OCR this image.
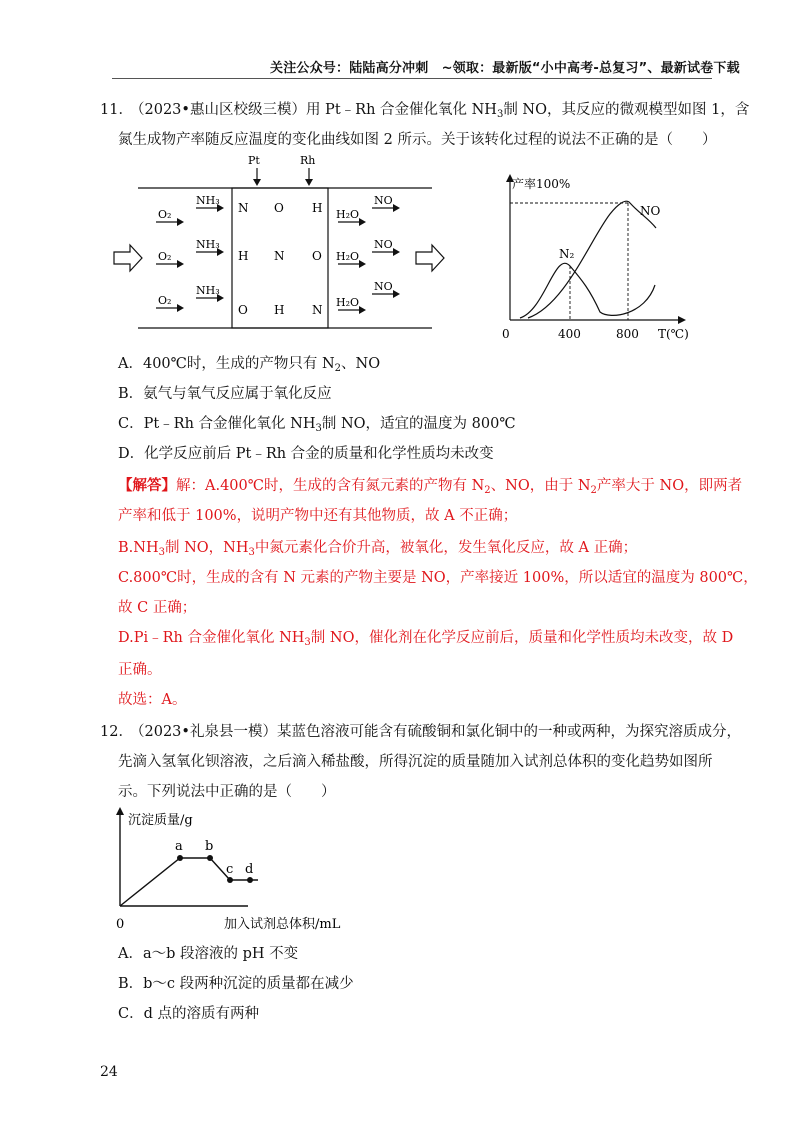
关注公众号：陆陆高分冲刺　~领取：最新版“小中高考-总复习”、最新试卷下载
11．
（2023•惠山区校级三模）用 Pt﹣Rh 合金催化氧化 $NH_3$制 NO，其反应的微观模型如图 1，含
氮生成物产率随反应温度的变化曲线如图 2 所示。关于该转化过程的说法不正确的是（　　）
Pt	Rh
O₂
O₂
O₂
NH₃
NH₃
NH₃
H₂O
H₂O
H₂O
NO
NO
NO
N O H
H N O
O H N
产率100%
N₂
NO
0	400	800 T(℃)
A．400℃时，生成的产物只有 $N_2$、NO
B．氨气与氧气反应属于氧化反应
C．Pt﹣Rh 合金催化氧化 $NH_3$制 NO，适宜的温度为 800℃
D．化学反应前后 Pt﹣Rh 合金的质量和化学性质均未改变
【解答】解：A.400℃时，生成的含有氮元素的产物有 $N_2$、NO，由于 $N_2$产率大于 NO，即两者
产率和低于 100%，说明产物中还有其他物质，故 A 不正确；
$B.NH_3$制 NO，$NH_3$中氮元素化合价升高，被氧化，发生氧化反应，故 A 正确；
C.800℃时，生成的含有 N 元素的产物主要是 NO，产率接近 100%，所以适宜的温度为 800℃，
故 C 正确；
D.Pi﹣Rh 合金催化氧化 $NH_3$制 NO，催化剂在化学反应前后，质量和化学性质均未改变，故 D
正确。
故选：A。
12．
（2023•礼泉县一模）某蓝色溶液可能含有硫酸铜和氯化铜中的一种或两种，为探究溶质成分，
先滴入氢氧化钡溶液，之后滴入稀盐酸，所得沉淀的质量随加入试剂总体积的变化趋势如图所
示。下列说法中正确的是（　　）
沉淀质量/g
a b
c d
0	加入试剂总体积/mL
A．a～b 段溶液的 pH 不变
B．b～c 段两种沉淀的质量都在减少
C．d 点的溶质有两种
24
